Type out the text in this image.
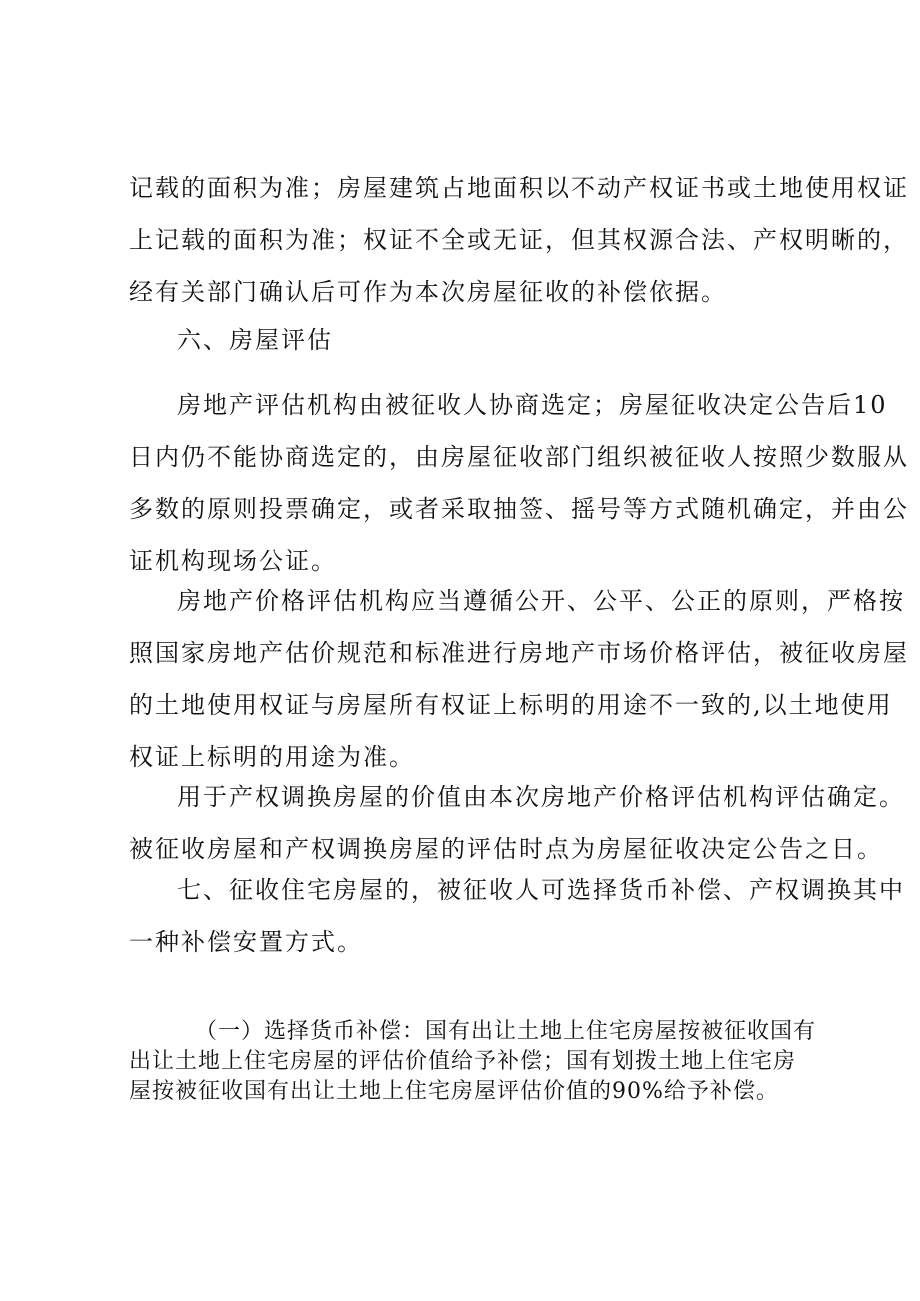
记载的面积为准；房屋建筑占地面积以不动产权证书或土地使用权证
上记载的面积为准；权证不全或无证，但其权源合法、产权明晰的，
经有关部门确认后可作为本次房屋征收的补偿依据。

六、房屋评估

房地产评估机构由被征收人协商选定；房屋征收决定公告后10
日内仍不能协商选定的，由房屋征收部门组织被征收人按照少数服从
多数的原则投票确定，或者采取抽签、摇号等方式随机确定，并由公
证机构现场公证。

房地产价格评估机构应当遵循公开、公平、公正的原则，严格按
照国家房地产估价规范和标准进行房地产市场价格评估，被征收房屋
的土地使用权证与房屋所有权证上标明的用途不一致的,以土地使用
权证上标明的用途为准。

用于产权调换房屋的价值由本次房地产价格评估机构评估确定。
被征收房屋和产权调换房屋的评估时点为房屋征收决定公告之日。

七、征收住宅房屋的，被征收人可选择货币补偿、产权调换其中
一种补偿安置方式。

（一）选择货币补偿：国有出让土地上住宅房屋按被征收国有
出让土地上住宅房屋的评估价值给予补偿；国有划拨土地上住宅房
屋按被征收国有出让土地上住宅房屋评估价值的90%给予补偿。
